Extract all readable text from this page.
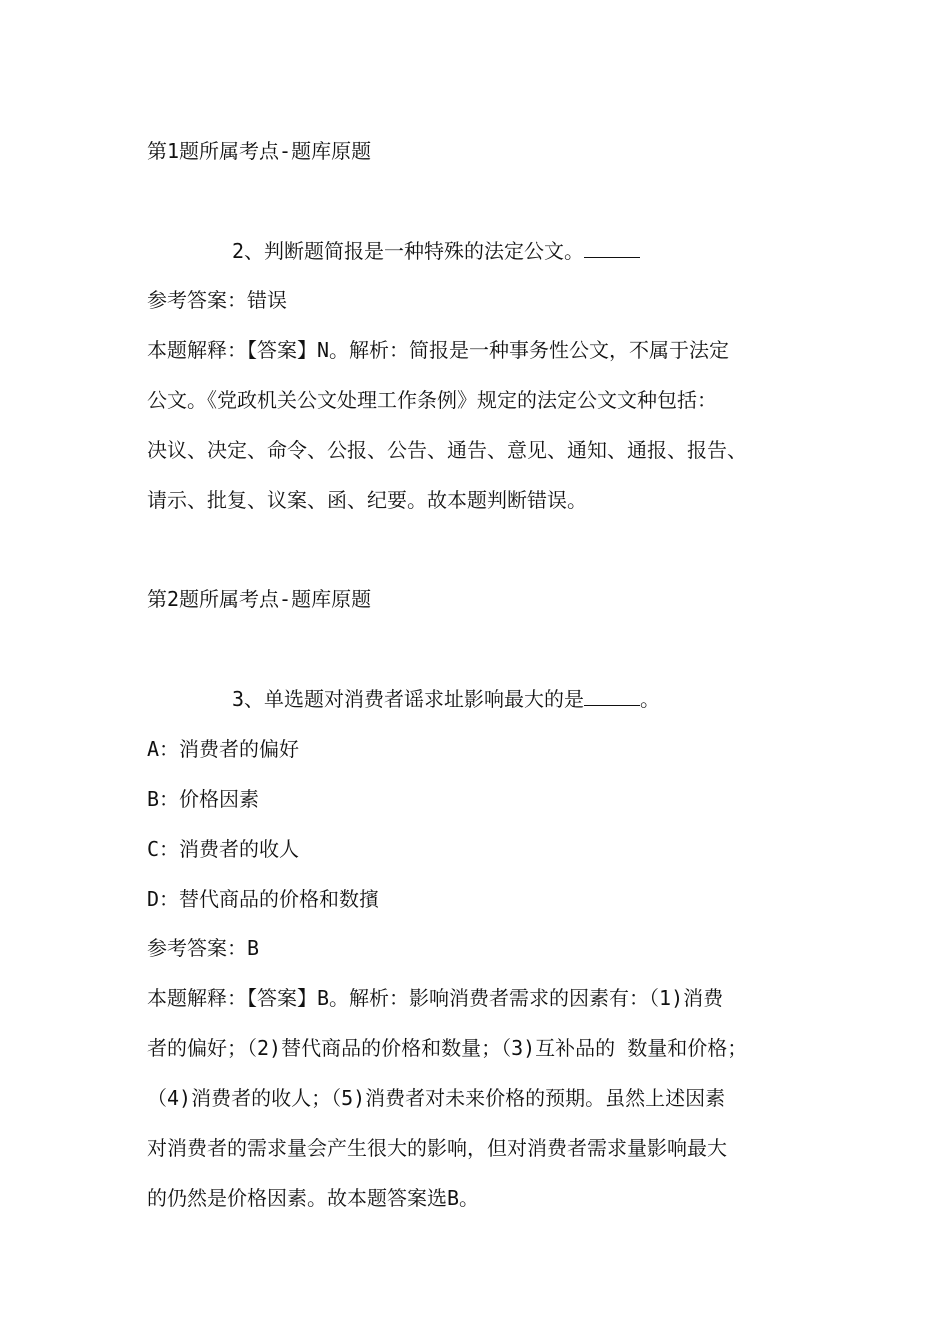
第1题所属考点-题库原题
2、判断题简报是一种特殊的法定公文。
参考答案：错误
本题解释：【答案】N。解析：简报是一种事务性公文，不属于法定
公文。《党政机关公文处理工作条例》规定的法定公文文种包括：
决议、决定、命令、公报、公告、通告、意见、通知、通报、报告、
请示、批复、议案、函、纪要。故本题判断错误。
第2题所属考点-题库原题
3、单选题对消费者谣求址影响最大的是	。
A：消费者的偏好
B：价格因素
C：消费者的收人
D：替代商品的价格和数擯
参考答案：B
本题解释：【答案】B。解析：影响消费者需求的因素有：（1)消费
者的偏好；（2)替代商品的价格和数量；（3)互补品的 数量和价格；
（4)消费者的收人；（5)消费者对未来价格的预期。虽然上述因素
对消费者的需求量会产生很大的影响，但对消费者需求量影响最大
的仍然是价格因素。故本题答案选B。
